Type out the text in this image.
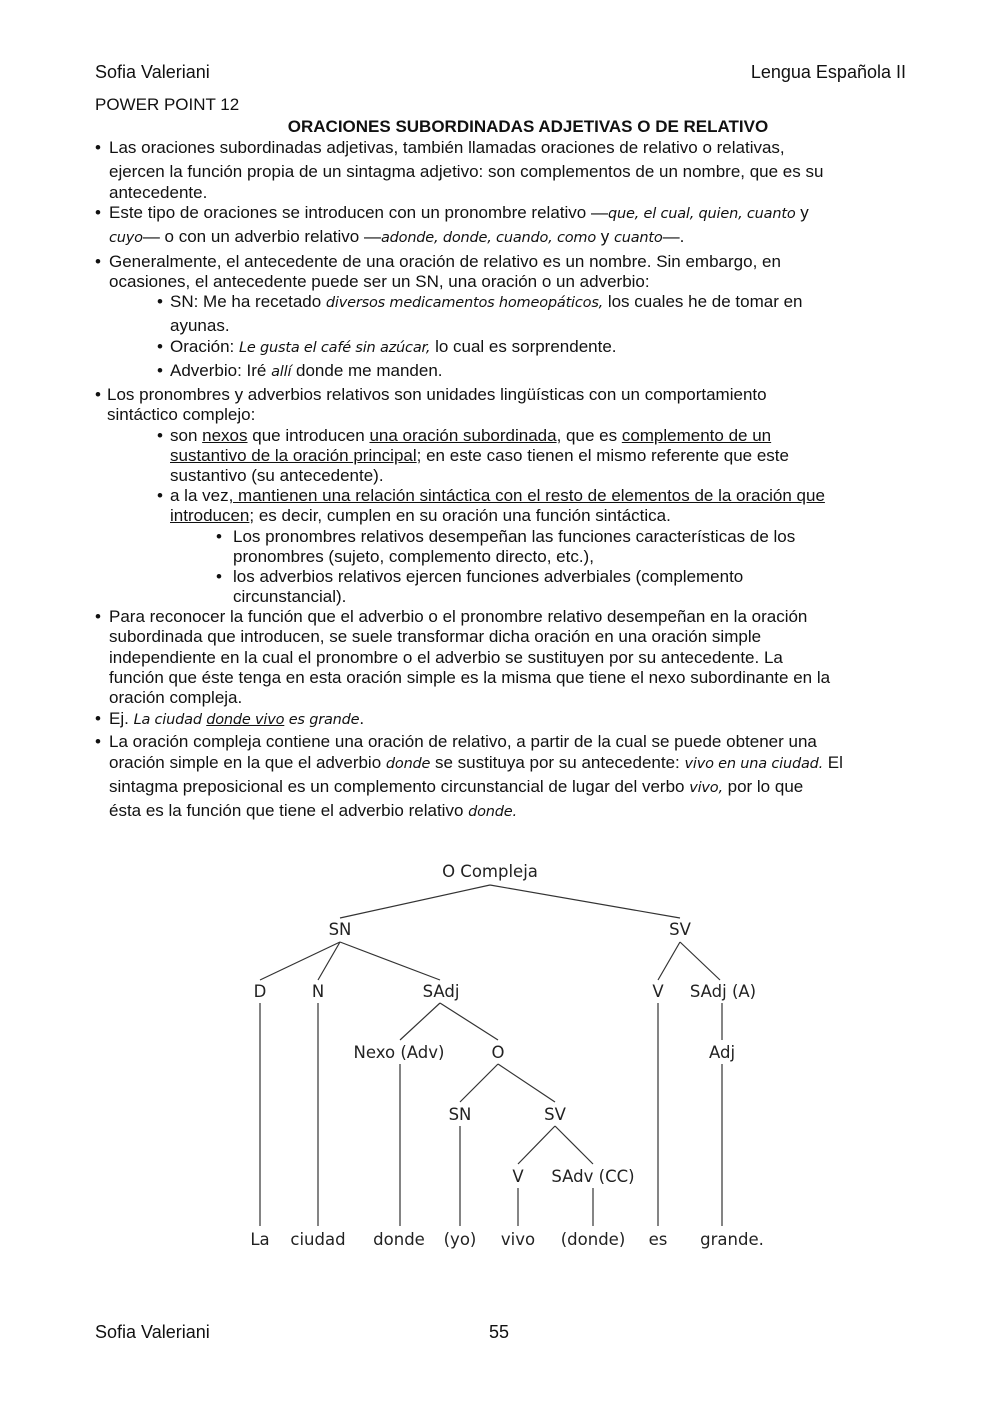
Sofia Valeriani	Lengua Española II
POWER POINT 12
ORACIONES SUBORDINADAS ADJETIVAS O DE RELATIVO
• Las oraciones subordinadas adjetivas, también llamadas oraciones de relativo o relativas,
ejercen la función propia de un sintagma adjetivo: son complementos de un nombre, que es su
antecedente.
• Este tipo de oraciones se introducen con un pronombre relativo —que, el cual, quien, cuanto y
cuyo— o con un adverbio relativo —adonde, donde, cuando, como y cuanto—.
• Generalmente, el antecedente de una oración de relativo es un nombre. Sin embargo, en
ocasiones, el antecedente puede ser un SN, una oración o un adverbio:
• SN: Me ha recetado diversos medicamentos homeopáticos, los cuales he de tomar en
ayunas.
• Oración: Le gusta el café sin azúcar, lo cual es sorprendente.
• Adverbio: Iré allí donde me manden.
• Los pronombres y adverbios relativos son unidades lingüísticas con un comportamiento
sintáctico complejo:
• son nexos que introducen una oración subordinada, que es complemento de un
sustantivo de la oración principal; en este caso tienen el mismo referente que este
sustantivo (su antecedente).
• a la vez, mantienen una relación sintáctica con el resto de elementos de la oración que
introducen; es decir, cumplen en su oración una función sintáctica.
• Los pronombres relativos desempeñan las funciones características de los
pronombres (sujeto, complemento directo, etc.),
• los adverbios relativos ejercen funciones adverbiales (complemento
circunstancial).
• Para reconocer la función que el adverbio o el pronombre relativo desempeñan en la oración
subordinada que introducen, se suele transformar dicha oración en una oración simple
independiente en la cual el pronombre o el adverbio se sustituyen por su antecedente. La
función que éste tenga en esta oración simple es la misma que tiene el nexo subordinante en la
oración compleja.
• Ej. La ciudad donde vivo es grande.
• La oración compleja contiene una oración de relativo, a partir de la cual se puede obtener una
oración simple en la que el adverbio donde se sustituya por su antecedente: vivo en una ciudad. El
sintagma preposicional es un complemento circunstancial de lugar del verbo vivo, por lo que
ésta es la función que tiene el adverbio relativo donde.
O Compleja
SN	SV
D	N	SAdj	V SAdj (A)
Nexo (Adv)	O	Adj
SN	SV
V SAdv (CC)
La ciudad donde (yo) vivo (donde) es grande.
Sofia Valeriani	55
